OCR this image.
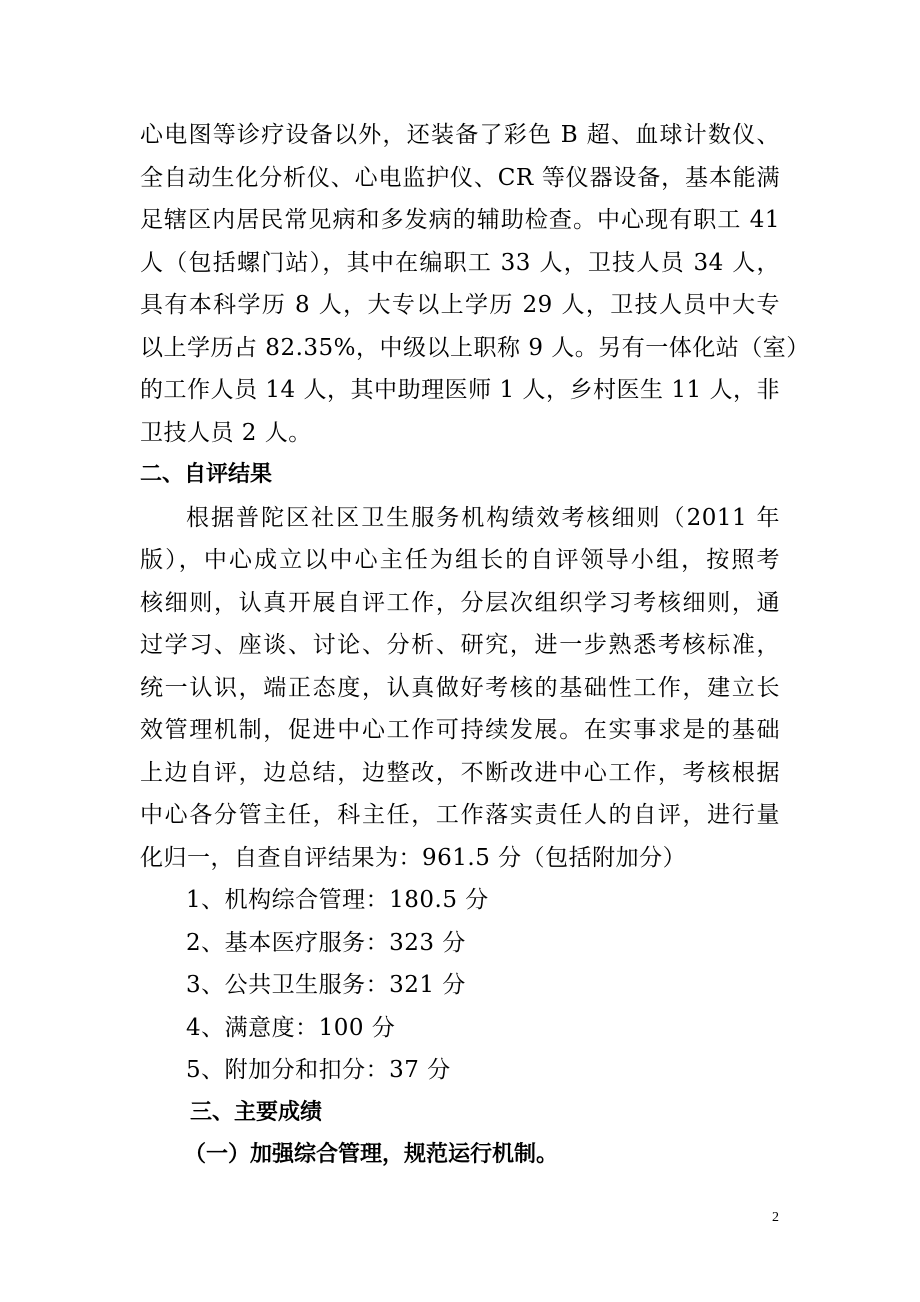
心电图等诊疗设备以外，还装备了彩色 B 超、血球计数仪、
全自动生化分析仪、心电监护仪、CR 等仪器设备，基本能满
足辖区内居民常见病和多发病的辅助检查。中心现有职工 41
人（包括螺门站），其中在编职工 33 人，卫技人员 34 人，
具有本科学历 8 人，大专以上学历 29 人，卫技人员中大专
以上学历占 82.35%，中级以上职称 9 人。另有一体化站（室）
的工作人员 14 人，其中助理医师 1 人，乡村医生 11 人，非
卫技人员 2 人。
二、自评结果
根据普陀区社区卫生服务机构绩效考核细则（2011 年
版），中心成立以中心主任为组长的自评领导小组，按照考
核细则，认真开展自评工作，分层次组织学习考核细则，通
过学习、座谈、讨论、分析、研究，进一步熟悉考核标准，
统一认识，端正态度，认真做好考核的基础性工作，建立长
效管理机制，促进中心工作可持续发展。在实事求是的基础
上边自评，边总结，边整改，不断改进中心工作，考核根据
中心各分管主任，科主任，工作落实责任人的自评，进行量
化归一，自查自评结果为：961.5 分（包括附加分）
1、机构综合管理：180.5 分
2、基本医疗服务：323 分
3、公共卫生服务：321 分
4、满意度：100 分
5、附加分和扣分：37 分
三、主要成绩
（一）加强综合管理，规范运行机制。
2
